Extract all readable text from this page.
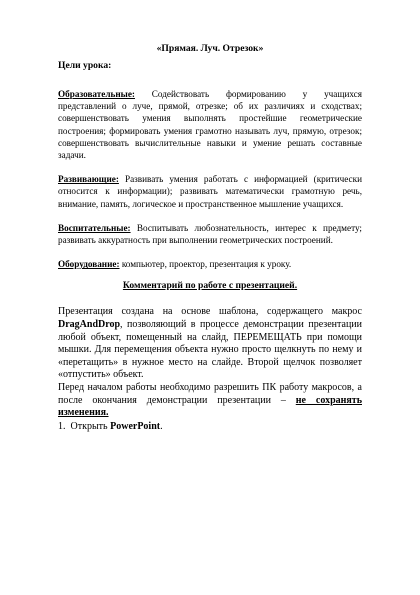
«Прямая. Луч. Отрезок»

Цели урока:

Образовательные: Содействовать формированию у учащихся представлений о луче, прямой, отрезке; об их различиях и сходствах; совершенствовать умения выполнять простейшие геометрические построения; формировать умения грамотно называть луч, прямую, отрезок; совершенствовать вычислительные навыки и умение решать составные задачи.

Развивающие: Развивать умения работать с информацией (критически относится к информации); развивать математически грамотную речь, внимание, память, логическое и пространственное мышление учащихся.

Воспитательные: Воспитывать любознательность, интерес к предмету; развивать аккуратность при выполнении геометрических построений.

Оборудование: компьютер, проектор, презентация к уроку.

Комментарий по работе с презентацией.

Презентация создана на основе шаблона, содержащего макрос DragAndDrop, позволяющий в процессе демонстрации презентации любой объект, помещенный на слайд, ПЕРЕМЕЩАТЬ при помощи мышки. Для перемещения объекта нужно просто щелкнуть по нему и «перетащить» в нужное место на слайде. Второй щелчок позволяет «отпустить» объект.

Перед началом работы необходимо разрешить ПК работу макросов, а после окончания демонстрации презентации – не сохранять изменения.

1. Открыть PowerPoint.
